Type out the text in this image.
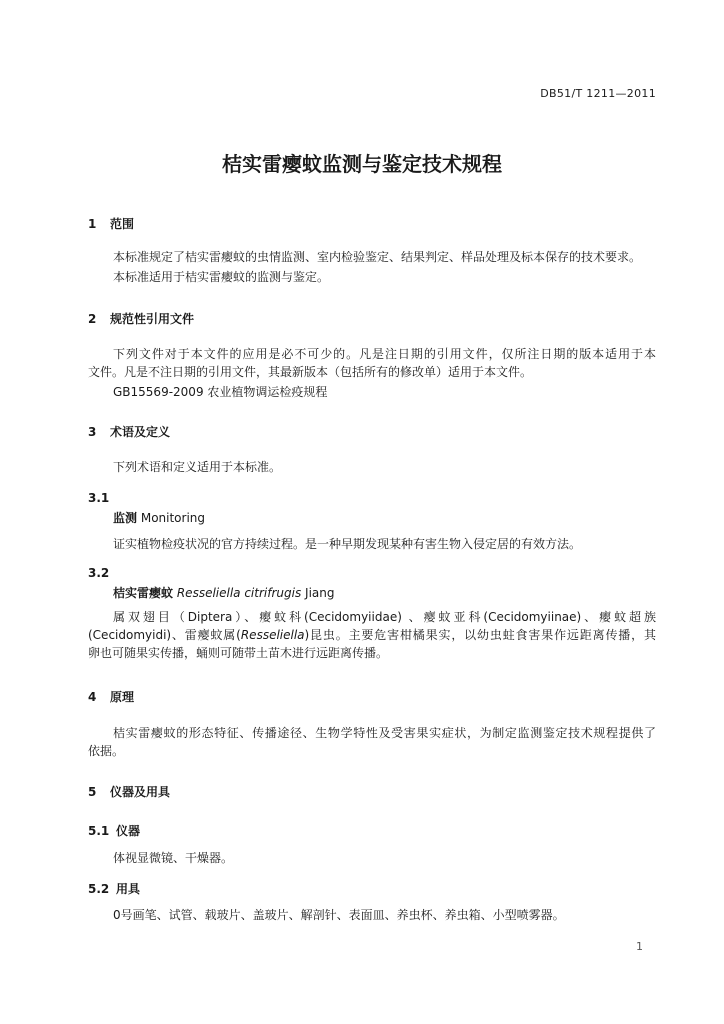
DB51/T 1211—2011
桔实雷瘿蚊监测与鉴定技术规程
1 范围
本标准规定了桔实雷瘿蚊的虫情监测、室内检验鉴定、结果判定、样品处理及标本保存的技术要求。
本标准适用于桔实雷瘿蚊的监测与鉴定。
2 规范性引用文件
下列文件对于本文件的应用是必不可少的。凡是注日期的引用文件，仅所注日期的版本适用于本
文件。凡是不注日期的引用文件，其最新版本（包括所有的修改单）适用于本文件。
GB15569-2009 农业植物调运检疫规程
3 术语及定义
下列术语和定义适用于本标准。
3.1
监测 Monitoring
证实植物检疫状况的官方持续过程。是一种早期发现某种有害生物入侵定居的有效方法。
3.2
桔实雷瘿蚊 Resseliella citrifrugis Jiang
属双翅目（Diptera）、瘿蚊科(Cecidomyiidae) 、瘿蚊亚科(Cecidomyiinae)、瘿蚊超族
(Cecidomyidi)、雷瘿蚊属(Resseliella)昆虫。主要危害柑橘果实，以幼虫蛀食害果作远距离传播，其
卵也可随果实传播，蛹则可随带土苗木进行远距离传播。
4 原理
桔实雷瘿蚊的形态特征、传播途径、生物学特性及受害果实症状，为制定监测鉴定技术规程提供了
依据。
5 仪器及用具
5.1 仪器
体视显微镜、干燥器。
5.2 用具
0号画笔、试管、载玻片、盖玻片、解剖针、表面皿、养虫杯、养虫箱、小型喷雾器。
1
